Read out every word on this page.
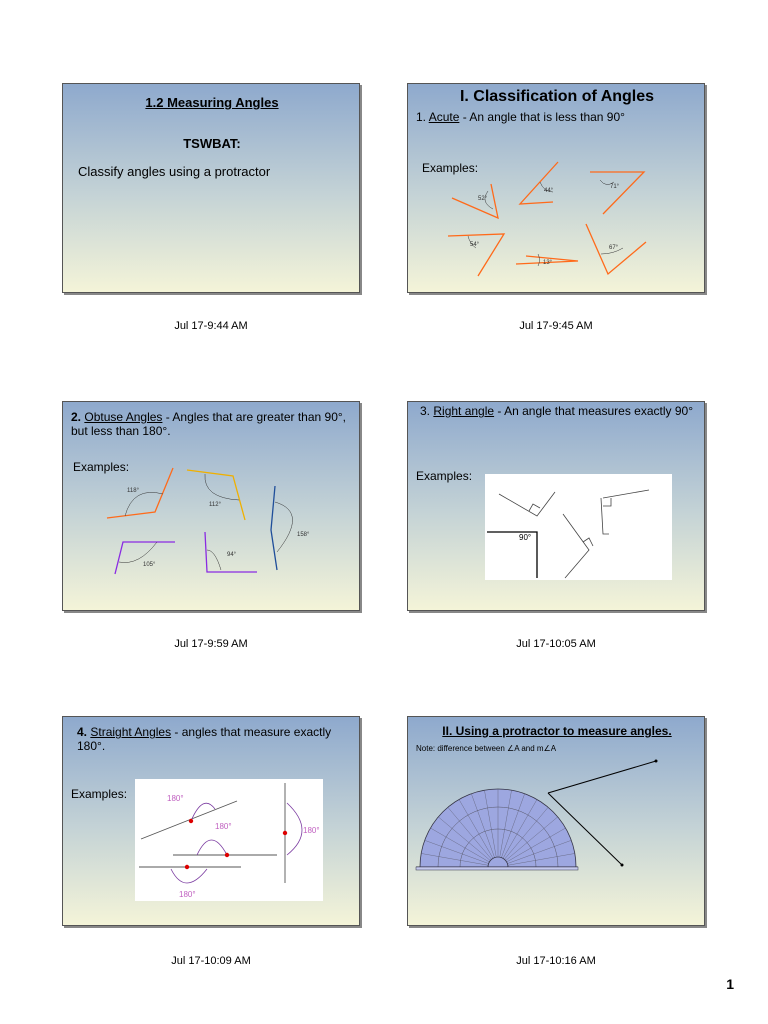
1.2 Measuring Angles
TSWBAT:
Classify angles using a protractor
Jul 17-9:44 AM
I. Classification of Angles
1. Acute - An angle that is less than 90°
Examples:
52°
44°
71°
54°
13°
67°
Jul 17-9:45 AM
2. Obtuse Angles - Angles that are greater than 90°, but less than 180°.
Examples:
118°
112°
158°
105°
94°
Jul 17-9:59 AM
3. Right angle - An angle that measures exactly 90°
Examples:
90°
Jul 17-10:05 AM
4. Straight Angles - angles that measure exactly 180°.
Examples:	180°
180°
180°
180°
Jul 17-10:09 AM
II. Using a protractor to measure angles.
Note: difference between ∠A and m∠A
Jul 17-10:16 AM
1
